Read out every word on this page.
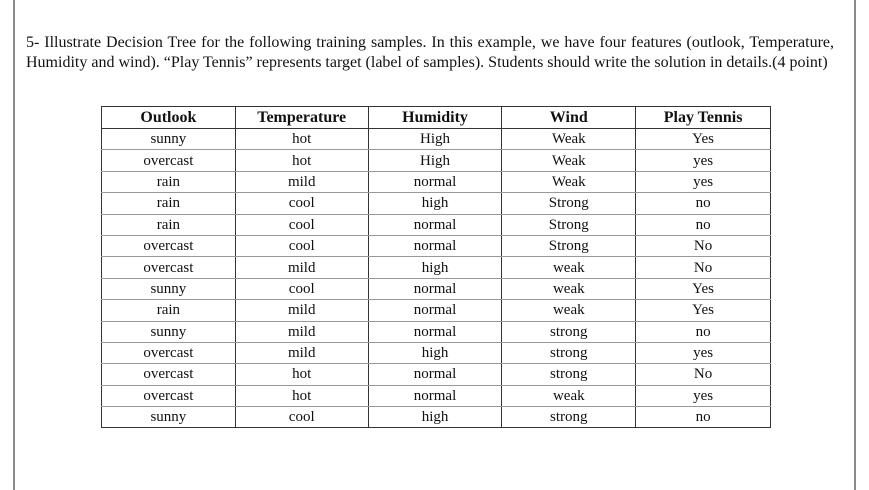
5- Illustrate Decision Tree for the following training samples. In this example, we have four features (outlook, Temperature, Humidity and wind). “Play Tennis” represents target (label of samples). Students should write the solution in details.(4 point)

Outlook	Temperature	Humidity	Wind	Play Tennis
sunny	hot	High	Weak	Yes
overcast	hot	High	Weak	yes
rain	mild	normal	Weak	yes
rain	cool	high	Strong	no
rain	cool	normal	Strong	no
overcast	cool	normal	Strong	No
overcast	mild	high	weak	No
sunny	cool	normal	weak	Yes
rain	mild	normal	weak	Yes
sunny	mild	normal	strong	no
overcast	mild	high	strong	yes
overcast	hot	normal	strong	No
overcast	hot	normal	weak	yes
sunny	cool	high	strong	no
